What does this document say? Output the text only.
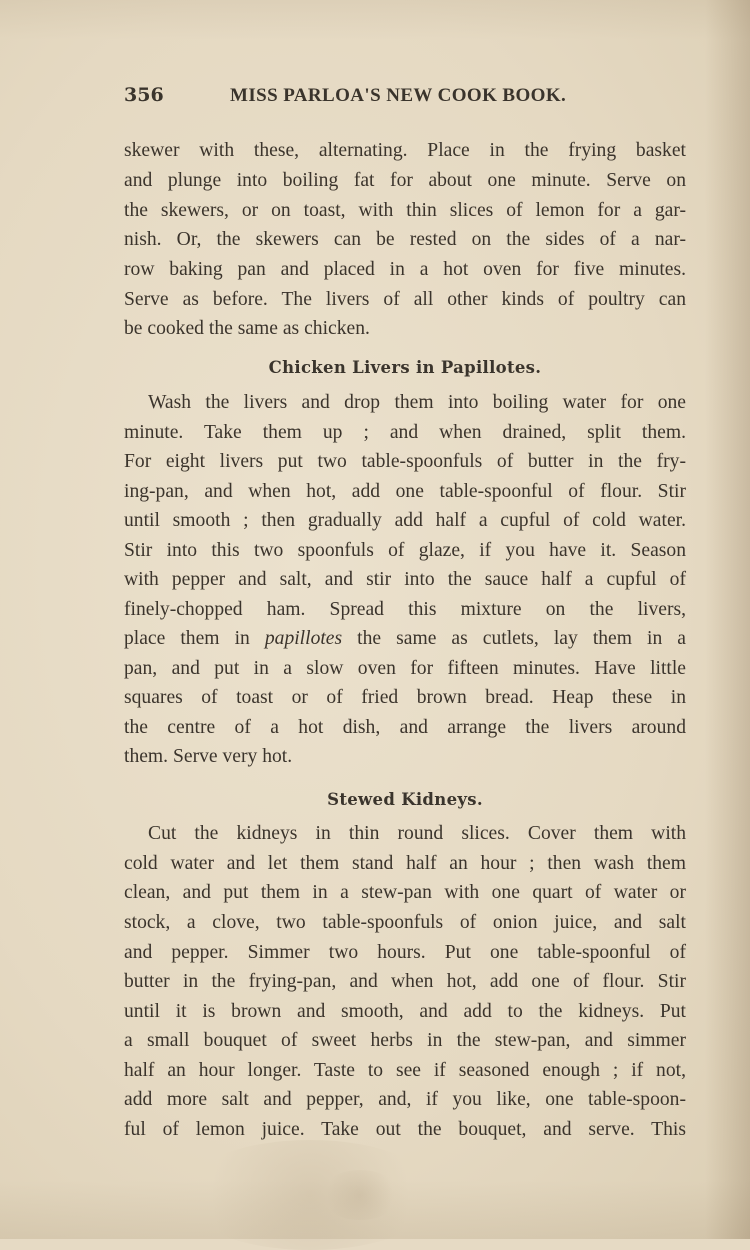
356	MISS PARLOA'S NEW COOK BOOK.
skewer with these, alternating. Place in the frying basket
and plunge into boiling fat for about one minute. Serve on
the skewers, or on toast, with thin slices of lemon for a gar-
nish. Or, the skewers can be rested on the sides of a nar-
row baking pan and placed in a hot oven for five minutes.
Serve as before. The livers of all other kinds of poultry can
be cooked the same as chicken.
Chicken Livers in Papillotes.
Wash the livers and drop them into boiling water for one
minute. Take them up ; and when drained, split them.
For eight livers put two table-spoonfuls of butter in the fry-
ing-pan, and when hot, add one table-spoonful of flour. Stir
until smooth ; then gradually add half a cupful of cold water.
Stir into this two spoonfuls of glaze, if you have it. Season
with pepper and salt, and stir into the sauce half a cupful of
finely-chopped ham. Spread this mixture on the livers,
place them in papillotes the same as cutlets, lay them in a
pan, and put in a slow oven for fifteen minutes. Have little
squares of toast or of fried brown bread. Heap these in
the centre of a hot dish, and arrange the livers around
them. Serve very hot.
Stewed Kidneys.
Cut the kidneys in thin round slices. Cover them with
cold water and let them stand half an hour ; then wash them
clean, and put them in a stew-pan with one quart of water or
stock, a clove, two table-spoonfuls of onion juice, and salt
and pepper. Simmer two hours. Put one table-spoonful of
butter in the frying-pan, and when hot, add one of flour. Stir
until it is brown and smooth, and add to the kidneys. Put
a small bouquet of sweet herbs in the stew-pan, and simmer
half an hour longer. Taste to see if seasoned enough ; if not,
add more salt and pepper, and, if you like, one table-spoon-
ful of lemon juice. Take out the bouquet, and serve. This
